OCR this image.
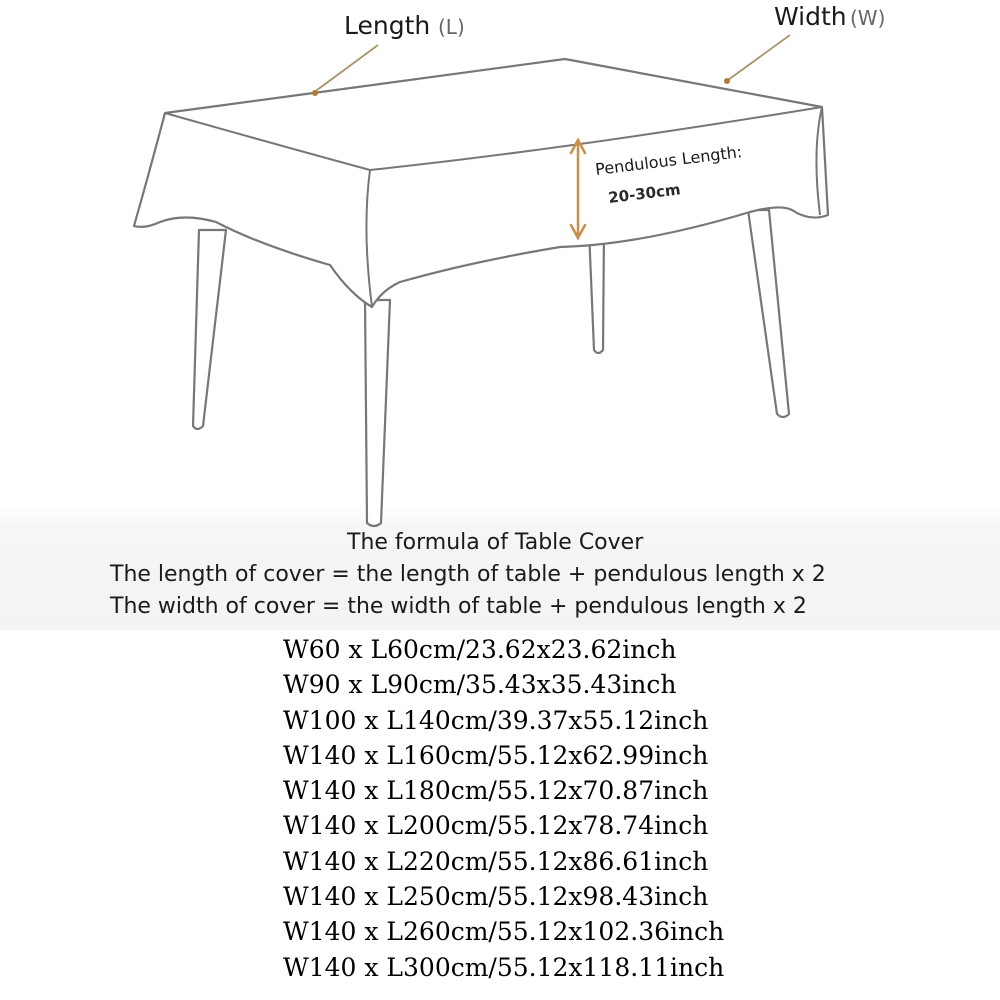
Length (L)	Width (W)
Pendulous Length:
20-30cm
The formula of Table Cover
The length of cover = the length of table + pendulous length x 2
The width of cover = the width of table + pendulous length x 2
W60 x L60cm/23.62x23.62inch
W90 x L90cm/35.43x35.43inch
W100 x L140cm/39.37x55.12inch
W140 x L160cm/55.12x62.99inch
W140 x L180cm/55.12x70.87inch
W140 x L200cm/55.12x78.74inch
W140 x L220cm/55.12x86.61inch
W140 x L250cm/55.12x98.43inch
W140 x L260cm/55.12x102.36inch
W140 x L300cm/55.12x118.11inch
